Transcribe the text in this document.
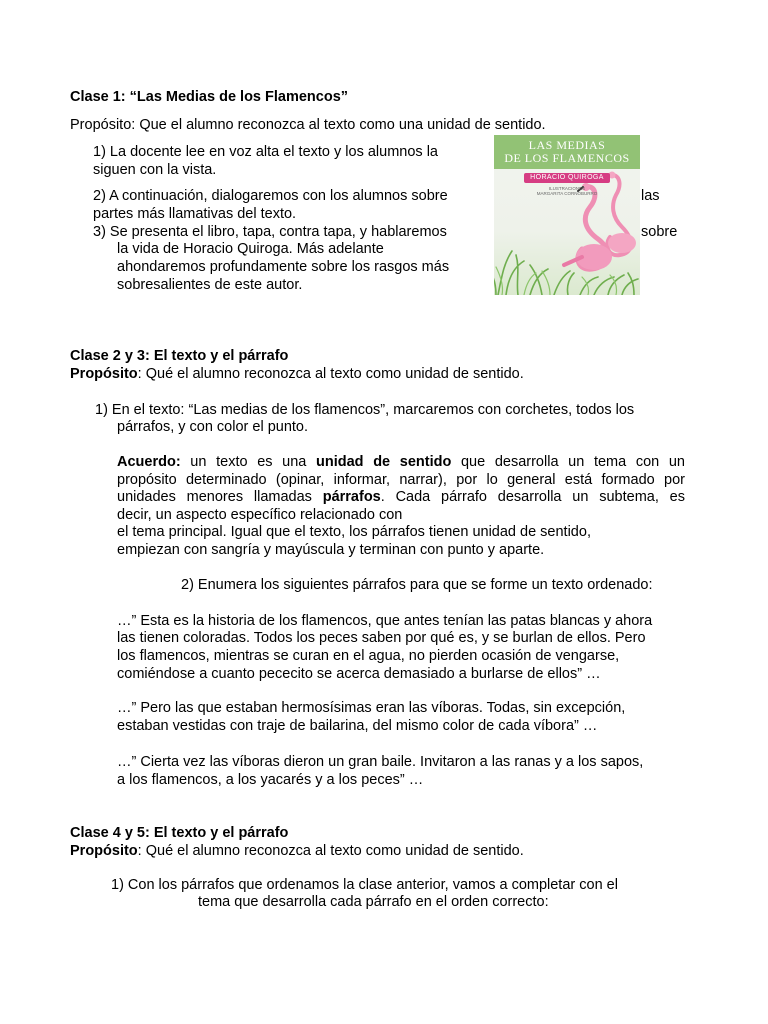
Clase 1: “Las Medias de los Flamencos”
Propósito: Que el alumno reconozca al texto como una unidad de sentido.
1) La docente lee en voz alta el texto y los alumnos la
siguen con la vista.
2) A continuación, dialogaremos con los alumnos sobre	las
partes más llamativas del texto.
3) Se presenta el libro, tapa, contra tapa, y hablaremos	sobre
la vida de Horacio Quiroga. Más adelante
ahondaremos profundamente sobre los rasgos más
sobresalientes de este autor.
LAS MEDIAS
DE LOS FLAMENCOS
HORACIO QUIROGA
ILUSTRACIONES
MARGARITA CORNOBURRO
Clase 2 y 3: El texto y el párrafo
Propósito: Qué el alumno reconozca al texto como unidad de sentido.
1) En el texto: “Las medias de los flamencos”, marcaremos con corchetes, todos los
párrafos, y con color el punto.
Acuerdo: un texto es una unidad de sentido que desarrolla un tema con un
propósito determinado (opinar, informar, narrar), por lo general está formado por
unidades menores llamadas párrafos. Cada párrafo desarrolla un subtema, es
decir, un aspecto específico relacionado con
el tema principal. Igual que el texto, los párrafos tienen unidad de sentido,
empiezan con sangría y mayúscula y terminan con punto y aparte.
2) Enumera los siguientes párrafos para que se forme un texto ordenado:
…” Esta es la historia de los flamencos, que antes tenían las patas blancas y ahora
las tienen coloradas. Todos los peces saben por qué es, y se burlan de ellos. Pero
los flamencos, mientras se curan en el agua, no pierden ocasión de vengarse,
comiéndose a cuanto pececito se acerca demasiado a burlarse de ellos” …
…” Pero las que estaban hermosísimas eran las víboras. Todas, sin excepción,
estaban vestidas con traje de bailarina, del mismo color de cada víbora” …
…” Cierta vez las víboras dieron un gran baile. Invitaron a las ranas y a los sapos,
a los flamencos, a los yacarés y a los peces” …
Clase 4 y 5: El texto y el párrafo
Propósito: Qué el alumno reconozca al texto como unidad de sentido.
1) Con los párrafos que ordenamos la clase anterior, vamos a completar con el
tema que desarrolla cada párrafo en el orden correcto:
